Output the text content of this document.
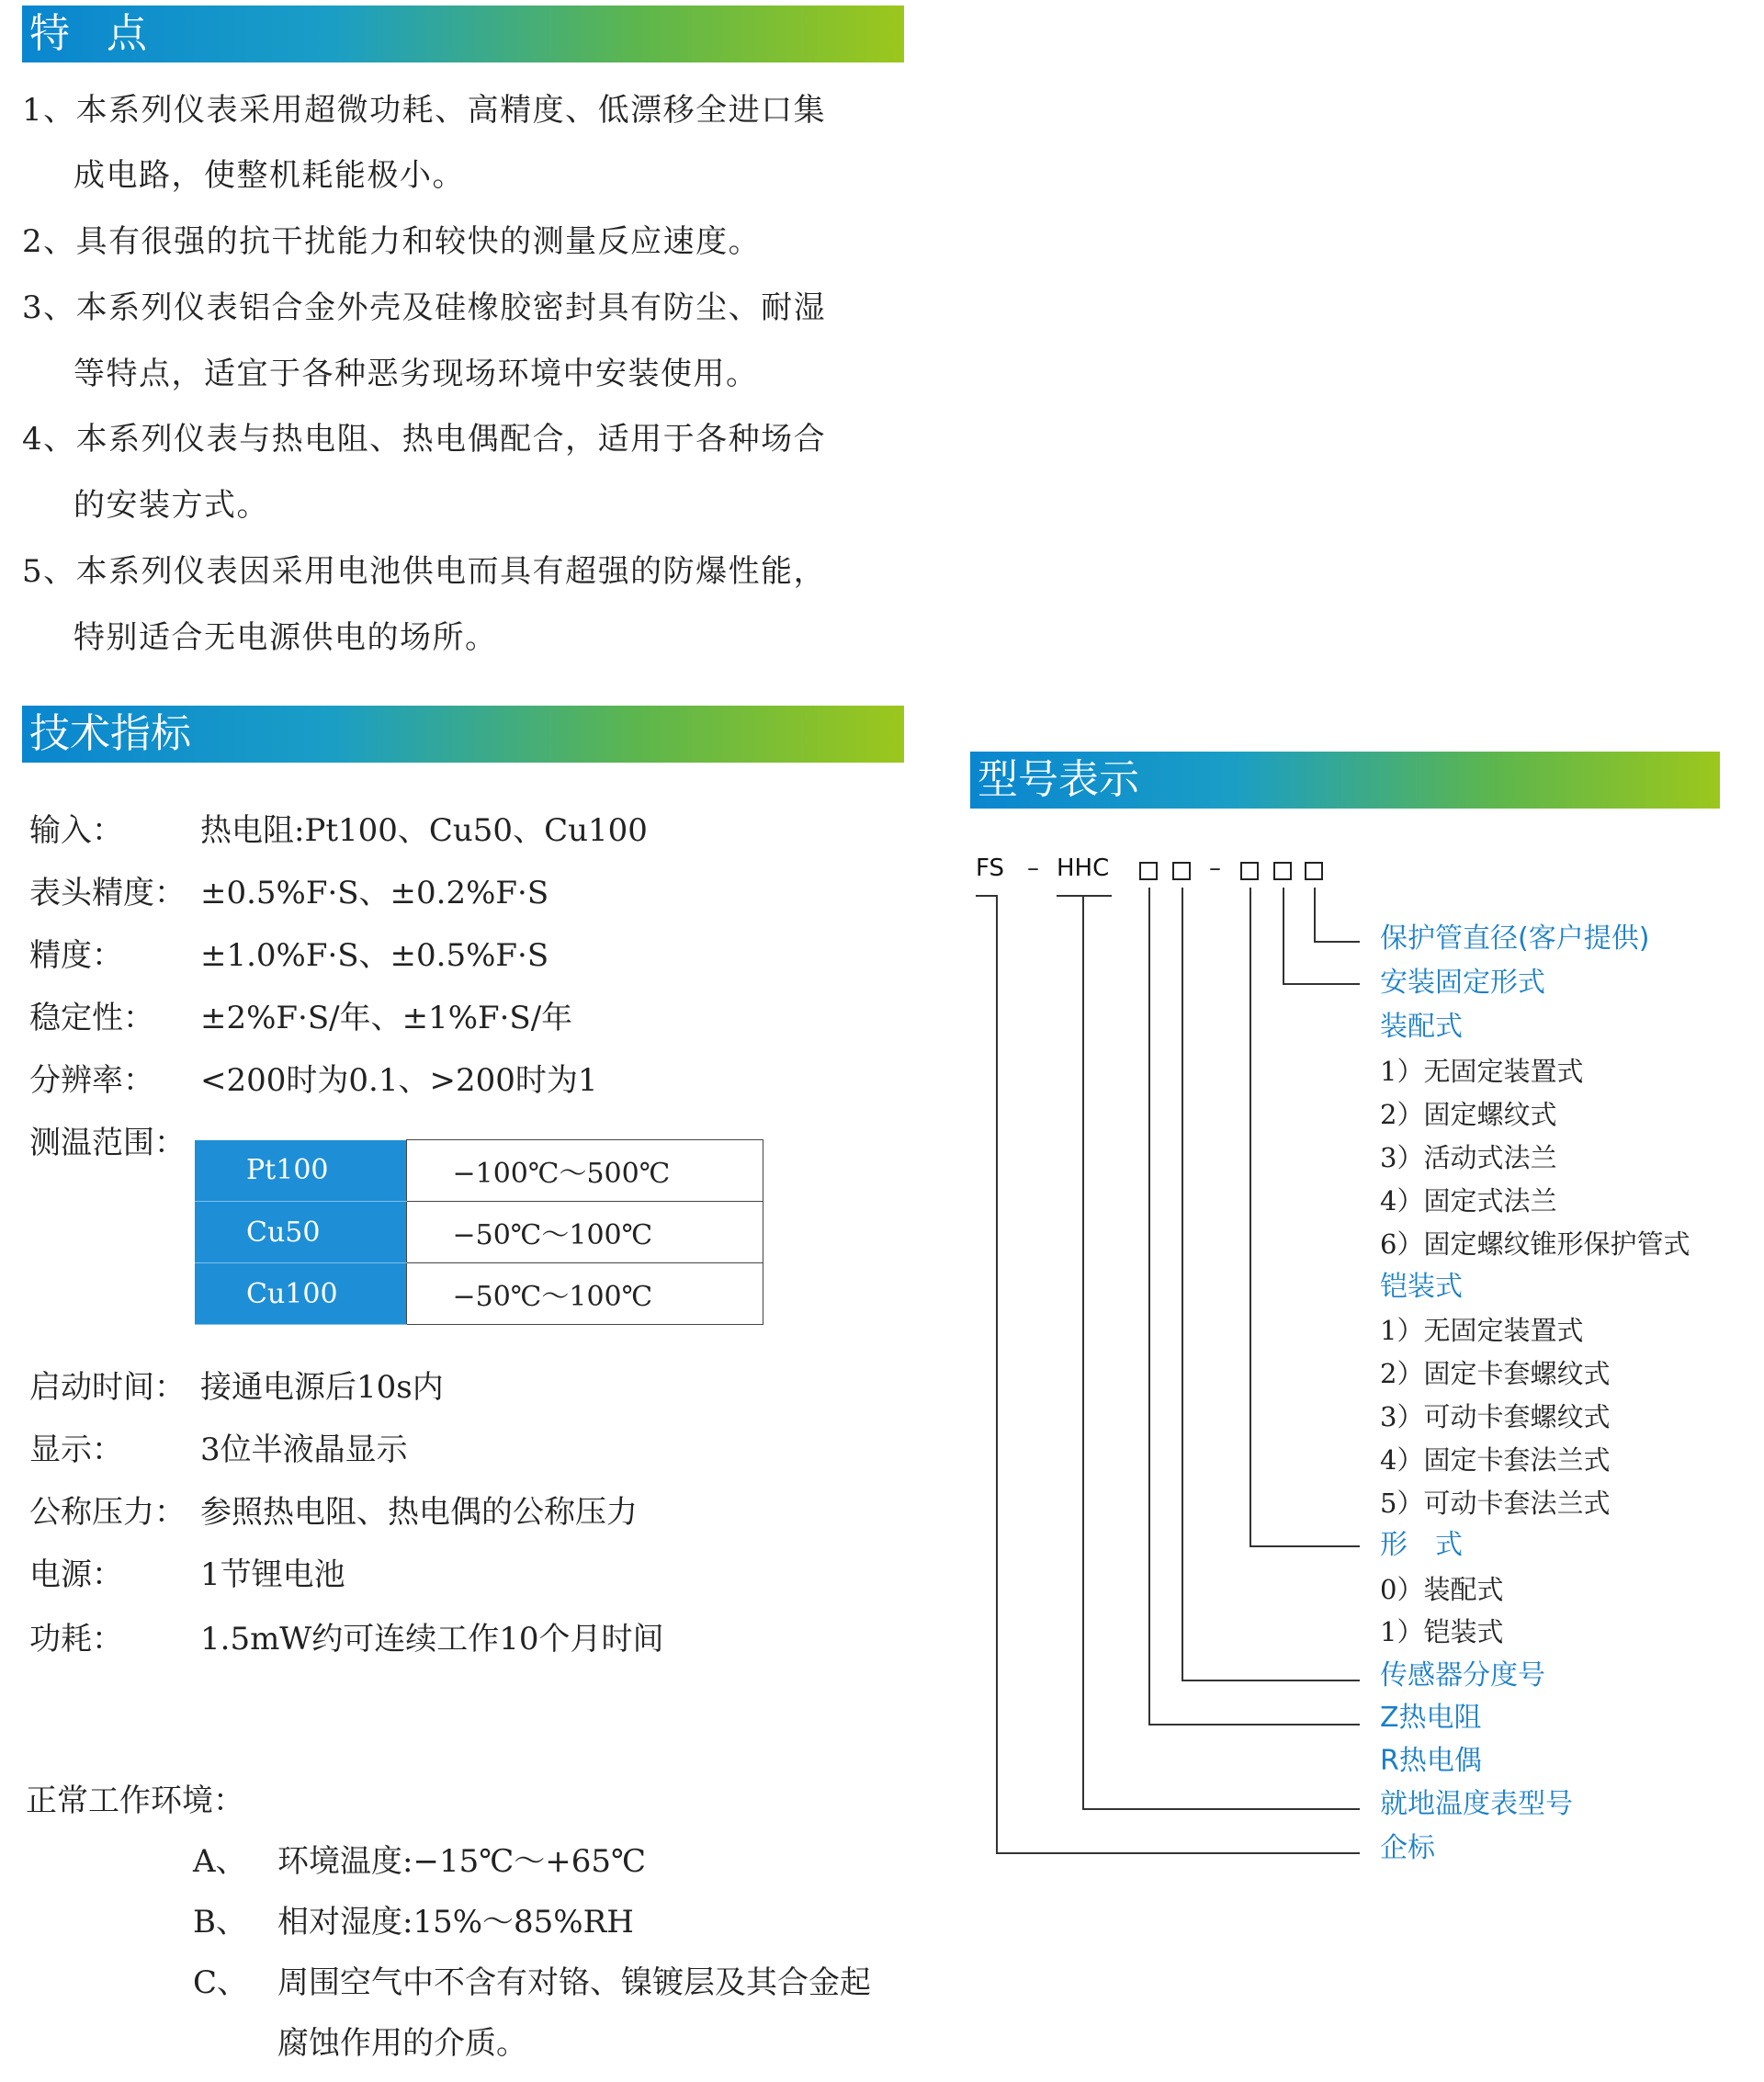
特点
技术指标
型号表示
1、本系列仪表采用超微功耗、高精度、低漂移全进口集
成电路，使整机耗能极小。
2、具有很强的抗干扰能力和较快的测量反应速度。
3、本系列仪表铝合金外壳及硅橡胶密封具有防尘、耐湿
等特点，适宜于各种恶劣现场环境中安装使用。
4、本系列仪表与热电阻、热电偶配合，适用于各种场合
的安装方式。
5、本系列仪表因采用电池供电而具有超强的防爆性能，
特别适合无电源供电的场所。
输入： 热电阻:Pt100、Cu50、Cu100
表头精度： ±0.5%F·S、±0.2%F·S
精度： ±1.0%F·S、±0.5%F·S
稳定性： ±2%F·S/年、±1%F·S/年
分辨率： <200时为0.1、>200时为1
测温范围：
Pt100	−100℃～500℃
Cu50	−50℃～100℃
Cu100	−50℃～100℃
启动时间： 接通电源后10s内
显示： 3位半液晶显示
公称压力： 参照热电阻、热电偶的公称压力
电源： 1节锂电池
功耗： 1.5mW约可连续工作10个月时间
正常工作环境：
A、 环境温度:−15℃～+65℃
B、 相对湿度:15%～85%RH
C、 周围空气中不含有对铬、镍镀层及其合金起
腐蚀作用的介质。
FS – HHC	–
保护管直径(客户提供)
安装固定形式
装配式
1）无固定装置式
2）固定螺纹式
3）活动式法兰
4）固定式法兰
6）固定螺纹锥形保护管式
铠装式
1）无固定装置式
2）固定卡套螺纹式
3）可动卡套螺纹式
4）固定卡套法兰式
5）可动卡套法兰式
形　式
0）装配式
1）铠装式
传感器分度号
Z热电阻
R热电偶
就地温度表型号
企标
